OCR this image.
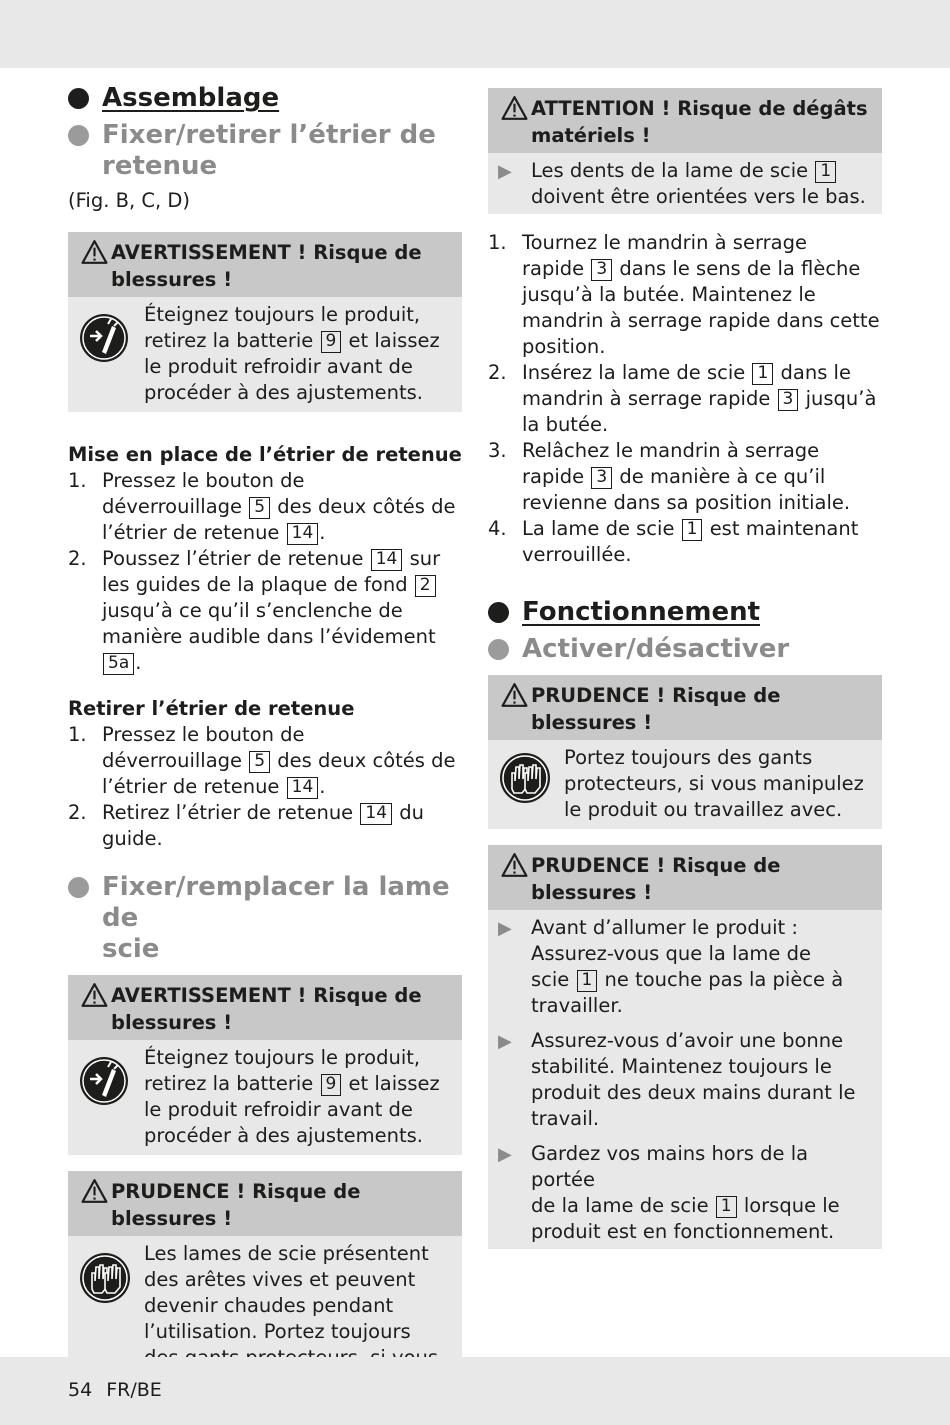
Assemblage
Fixer/retirer l’étrier de
retenue
(Fig. B, C, D)
AVERTISSEMENT ! Risque de
blessures !
Éteignez toujours le produit,
retirez la batterie 9 et laissez
le produit refroidir avant de
procéder à des ajustements.
Mise en place de l’étrier de retenue
1. Pressez le bouton de
déverrouillage 5 des deux côtés de
l’étrier de retenue 14 .
2. Poussez l’étrier de retenue 14 sur
les guides de la plaque de fond 2
jusqu’à ce qu’il s’enclenche de
manière audible dans l’évidement 5a .
Retirer l’étrier de retenue
1. Pressez le bouton de
déverrouillage 5 des deux côtés de
l’étrier de retenue 14 .
2. Retirez l’étrier de retenue 14 du guide.
Fixer/remplacer la lame de
scie
AVERTISSEMENT ! Risque de
blessures !
Éteignez toujours le produit,
retirez la batterie 9 et laissez
le produit refroidir avant de
procéder à des ajustements.
PRUDENCE ! Risque de
blessures !
Les lames de scie présentent
des arêtes vives et peuvent
devenir chaudes pendant
l’utilisation. Portez toujours
ATTENTION ! Risque de dégâts
matériels !
▶ Les dents de la lame de scie 1
doivent être orientées vers le bas.
1. Tournez le mandrin à serrage
rapide 3 dans le sens de la flèche
jusqu’à la butée. Maintenez le
mandrin à serrage rapide dans cette
position.
2. Insérez la lame de scie 1 dans le
mandrin à serrage rapide 3 jusqu’à
la butée.
3. Relâchez le mandrin à serrage
rapide 3 de manière à ce qu’il
revienne dans sa position initiale.
4. La lame de scie 1 est maintenant
verrouillée.
Fonctionnement
Activer/désactiver
PRUDENCE ! Risque de
blessures !
Portez toujours des gants
protecteurs, si vous manipulez
le produit ou travaillez avec.
PRUDENCE ! Risque de
blessures !
▶ Avant d’allumer le produit :
Assurez-vous que la lame de
scie 1 ne touche pas la pièce à
travailler.
▶ Assurez-vous d’avoir une bonne
stabilité. Maintenez toujours le
produit des deux mains durant le
travail.
▶ Gardez vos mains hors de la portée
de la lame de scie 1 lorsque le
produit est en fonctionnement.
54 FR/BE
